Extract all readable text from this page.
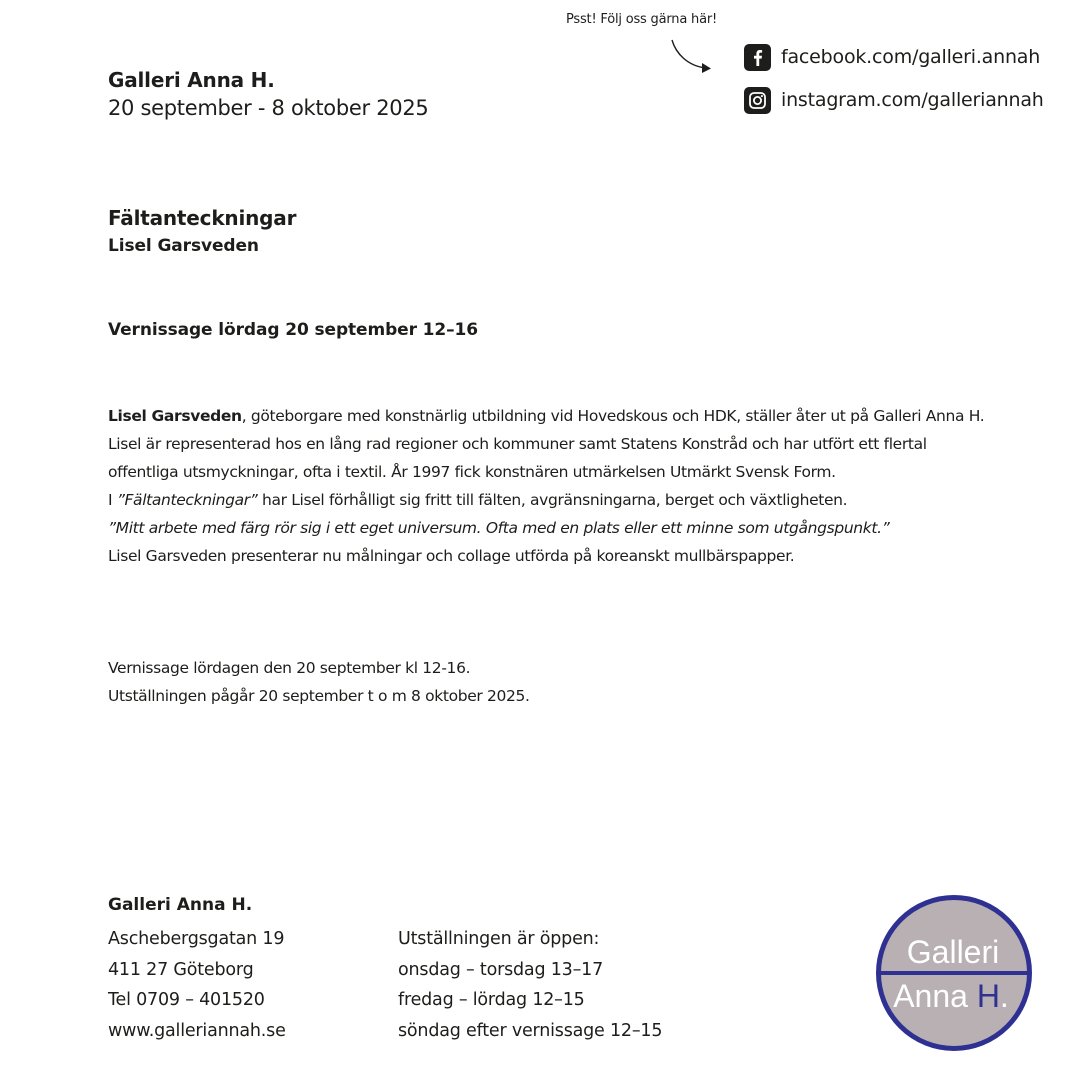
Galleri Anna H.
20 september - 8 oktober 2025
Psst! Följ oss gärna här!
facebook.com/galleri.annah
instagram.com/galleriannah
Fältanteckningar
Lisel Garsveden
Vernissage lördag 20 september 12–16

Lisel Garsveden, göteborgare med konstnärlig utbildning vid Hovedskous och HDK, ställer åter ut på Galleri Anna H. Lisel är representerad hos en lång rad regioner och kommuner samt Statens Konstråd och har utfört ett flertal offentliga utsmyckningar, ofta i textil. År 1997 fick konstnären utmärkelsen Utmärkt Svensk Form.

I ”Fältanteckningar” har Lisel förhålligt sig fritt till fälten, avgränsningarna, berget och växtligheten.

”Mitt arbete med färg rör sig i ett eget universum. Ofta med en plats eller ett minne som utgångspunkt.”

Lisel Garsveden presenterar nu målningar och collage utförda på koreanskt mullbärspapper.

Vernissage lördagen den 20 september kl 12-16.

Utställningen pågår 20 september t o m 8 oktober 2025.

Galleri Anna H.
Aschebergsgatan 19
411 27 Göteborg
Tel 0709 – 401520
www.galleriannah.se
Utställningen är öppen:
onsdag – torsdag 13–17
fredag – lördag 12–15
söndag efter vernissage 12–15
Galleri
Anna H.
